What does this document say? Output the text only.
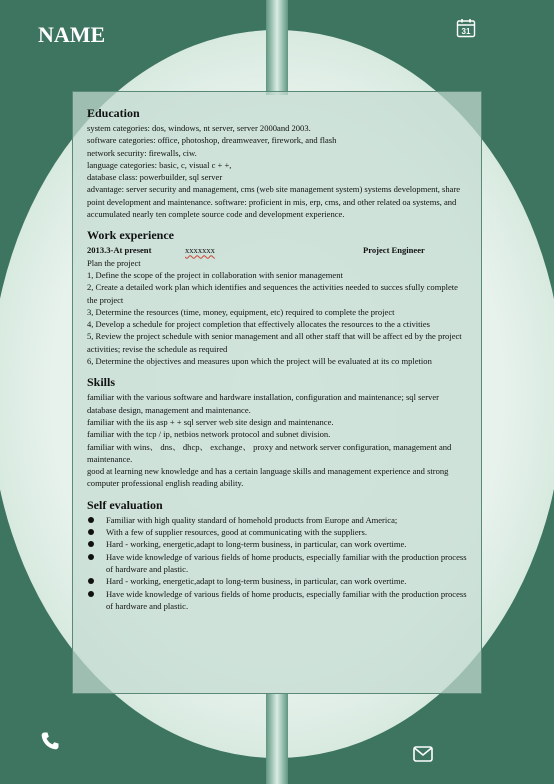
NAME	31
Education
system categories: dos, windows, nt server, server 2000and 2003.
software categories: office, photoshop, dreamweaver, firework, and flash
network security: firewalls, ciw.
language categories: basic, c, visual c + +,
database class: powerbuilder, sql server
advantage: server security and management, cms (web site management system) systems development, share point development and maintenance. software: proficient in mis, erp, cms, and other related oa systems, and accumulated nearly ten complete source code and development experience.
Work experience
2013.3-At present	xxxxxxx	Project Engineer
Plan the project
1, Define the scope of the project in collaboration with senior management
2, Create a detailed work plan which identifies and sequences the activities needed to succes sfully complete the project
3, Determine the resources (time, money, equipment, etc) required to complete the project
4, Develop a schedule for project completion that effectively allocates the resources to the a ctivities
5, Review the project schedule with senior management and all other staff that will be affect ed by the project activities; revise the schedule as required
6, Determine the objectives and measures upon which the project will be evaluated at its co mpletion
Skills
familiar with the various software and hardware installation, configuration and maintenance; sql server database design, management and maintenance.
familiar with the iis asp + + sql server web site design and maintenance.
familiar with the tcp / ip, netbios network protocol and subnet division.
familiar with wins、 dns、 dhcp、 exchange、 proxy and network server configuration, management and maintenance.
good at learning new knowledge and has a certain language skills and management experience and strong computer professional english reading ability.
Self evaluation
Familiar with high quality standard of homehold products from Europe and America;
With a few of supplier resources, good at communicating with the suppliers.
Hard - working, energetic,adapt to long-term business, in particular, can work overtime.
Have wide knowledge of various fields of home products, especially familiar with the production process of hardware and plastic.
Hard - working, energetic,adapt to long-term business, in particular, can work overtime.
Have wide knowledge of various fields of home products, especially familiar with the production process of hardware and plastic.
